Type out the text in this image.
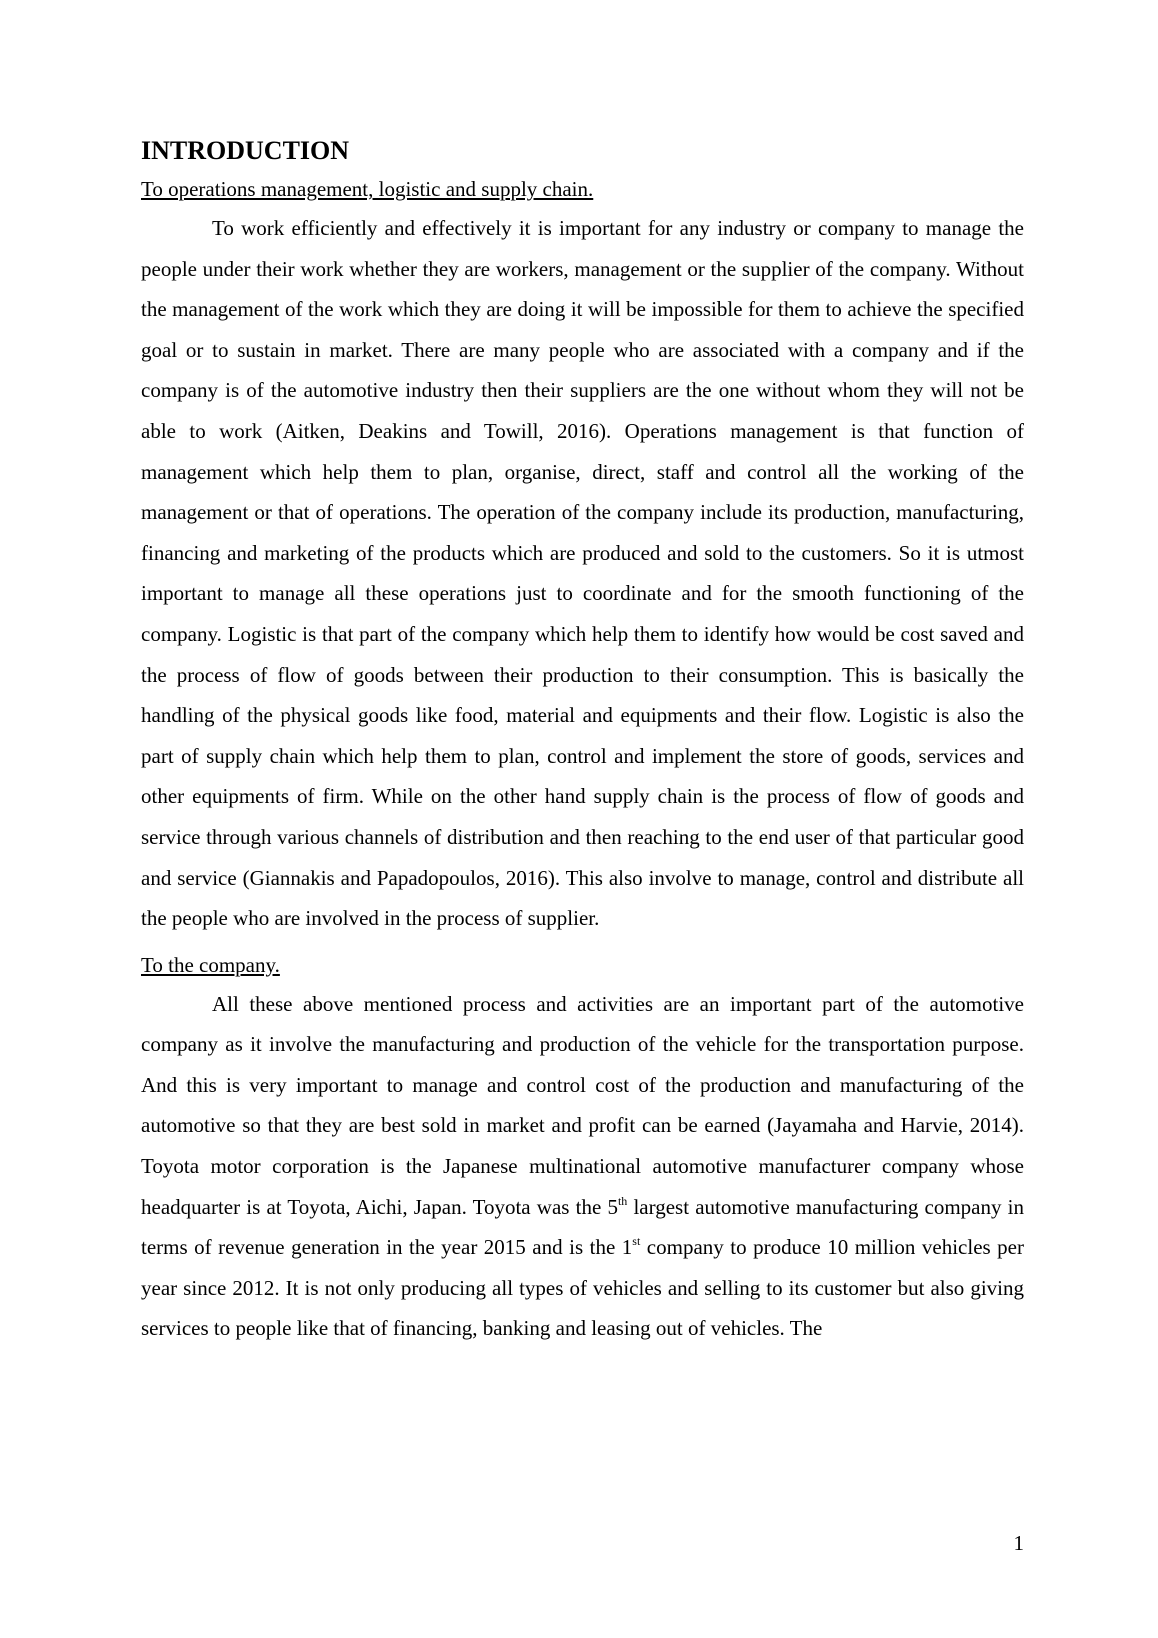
INTRODUCTION
To operations management, logistic and supply chain.

To work efficiently and effectively it is important for any industry or company to manage the people under their work whether they are workers, management or the supplier of the company. Without the management of the work which they are doing it will be impossible for them to achieve the specified goal or to sustain in market. There are many people who are associated with a company and if the company is of the automotive industry then their suppliers are the one without whom they will not be able to work (Aitken, Deakins and Towill, 2016). Operations management is that function of management which help them to plan, organise, direct, staff and control all the working of the management or that of operations. The operation of the company include its production, manufacturing, financing and marketing of the products which are produced and sold to the customers. So it is utmost important to manage all these operations just to coordinate and for the smooth functioning of the company. Logistic is that part of the company which help them to identify how would be cost saved and the process of flow of goods between their production to their consumption. This is basically the handling of the physical goods like food, material and equipments and their flow. Logistic is also the part of supply chain which help them to plan, control and implement the store of goods, services and other equipments of firm. While on the other hand supply chain is the process of flow of goods and service through various channels of distribution and then reaching to the end user of that particular good and service (Giannakis and Papadopoulos, 2016). This also involve to manage, control and distribute all the people who are involved in the process of supplier.

To the company.

All these above mentioned process and activities are an important part of the automotive company as it involve the manufacturing and production of the vehicle for the transportation purpose. And this is very important to manage and control cost of the production and manufacturing of the automotive so that they are best sold in market and profit can be earned (Jayamaha and Harvie, 2014). Toyota motor corporation is the Japanese multinational automotive manufacturer company whose headquarter is at Toyota, Aichi, Japan. Toyota was the 5th largest automotive manufacturing company in terms of revenue generation in the year 2015 and is the 1st company to produce 10 million vehicles per year since 2012. It is not only producing all types of vehicles and selling to its customer but also giving services to people like that of financing, banking and leasing out of vehicles. The

1
